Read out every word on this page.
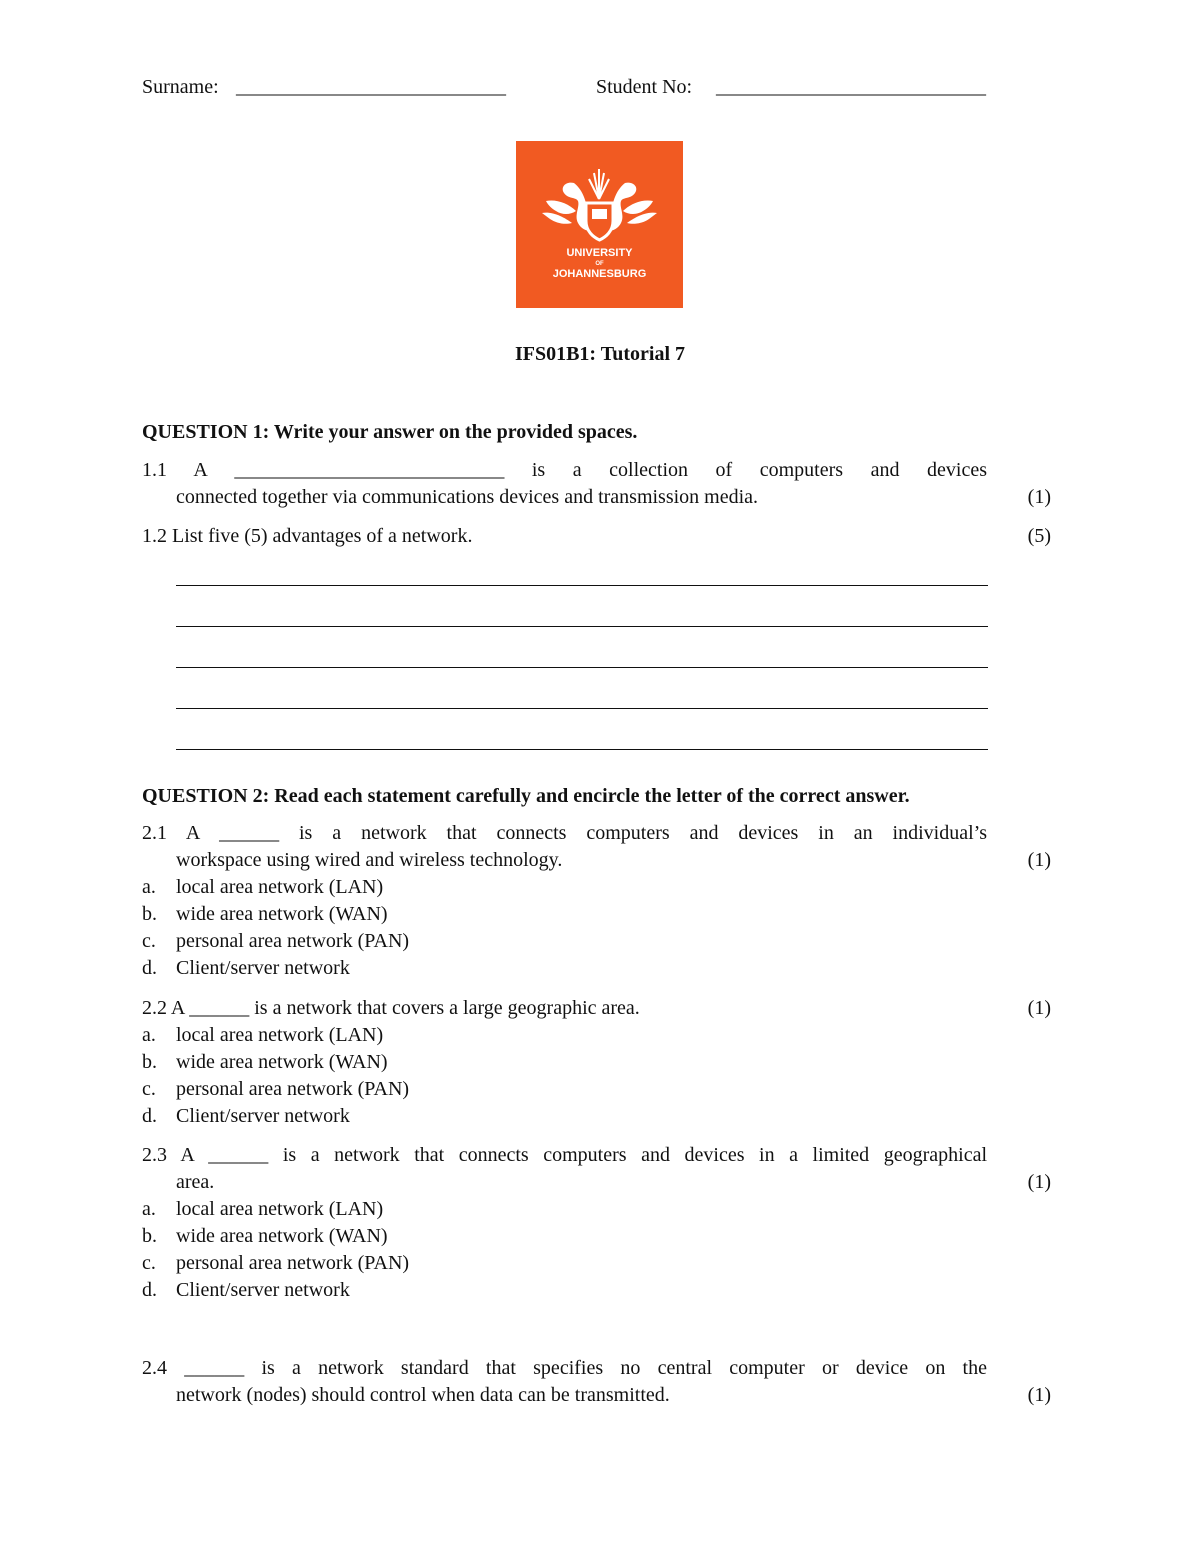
Surname: ___________________________	Student No: ___________________________
UNIVERSITY
OF
JOHANNESBURG
IFS01B1: Tutorial 7
QUESTION 1: Write your answer on the provided spaces.
1.1 A ___________________________ is a collection of computers and devices
connected together via communications devices and transmission media.	(1)
1.2 List five (5) advantages of a network.	(5)
QUESTION 2: Read each statement carefully and encircle the letter of the correct answer.
2.1 A ______ is a network that connects computers and devices in an individual’s
workspace using wired and wireless technology.	(1)
a. local area network (LAN)
b. wide area network (WAN)
c. personal area network (PAN)
d. Client/server network
2.2 A ______ is a network that covers a large geographic area.	(1)
a. local area network (LAN)
b. wide area network (WAN)
c. personal area network (PAN)
d. Client/server network
2.3 A ______ is a network that connects computers and devices in a limited geographical
area.	(1)
a. local area network (LAN)
b. wide area network (WAN)
c. personal area network (PAN)
d. Client/server network
2.4 ______ is a network standard that specifies no central computer or device on the
network (nodes) should control when data can be transmitted.	(1)
